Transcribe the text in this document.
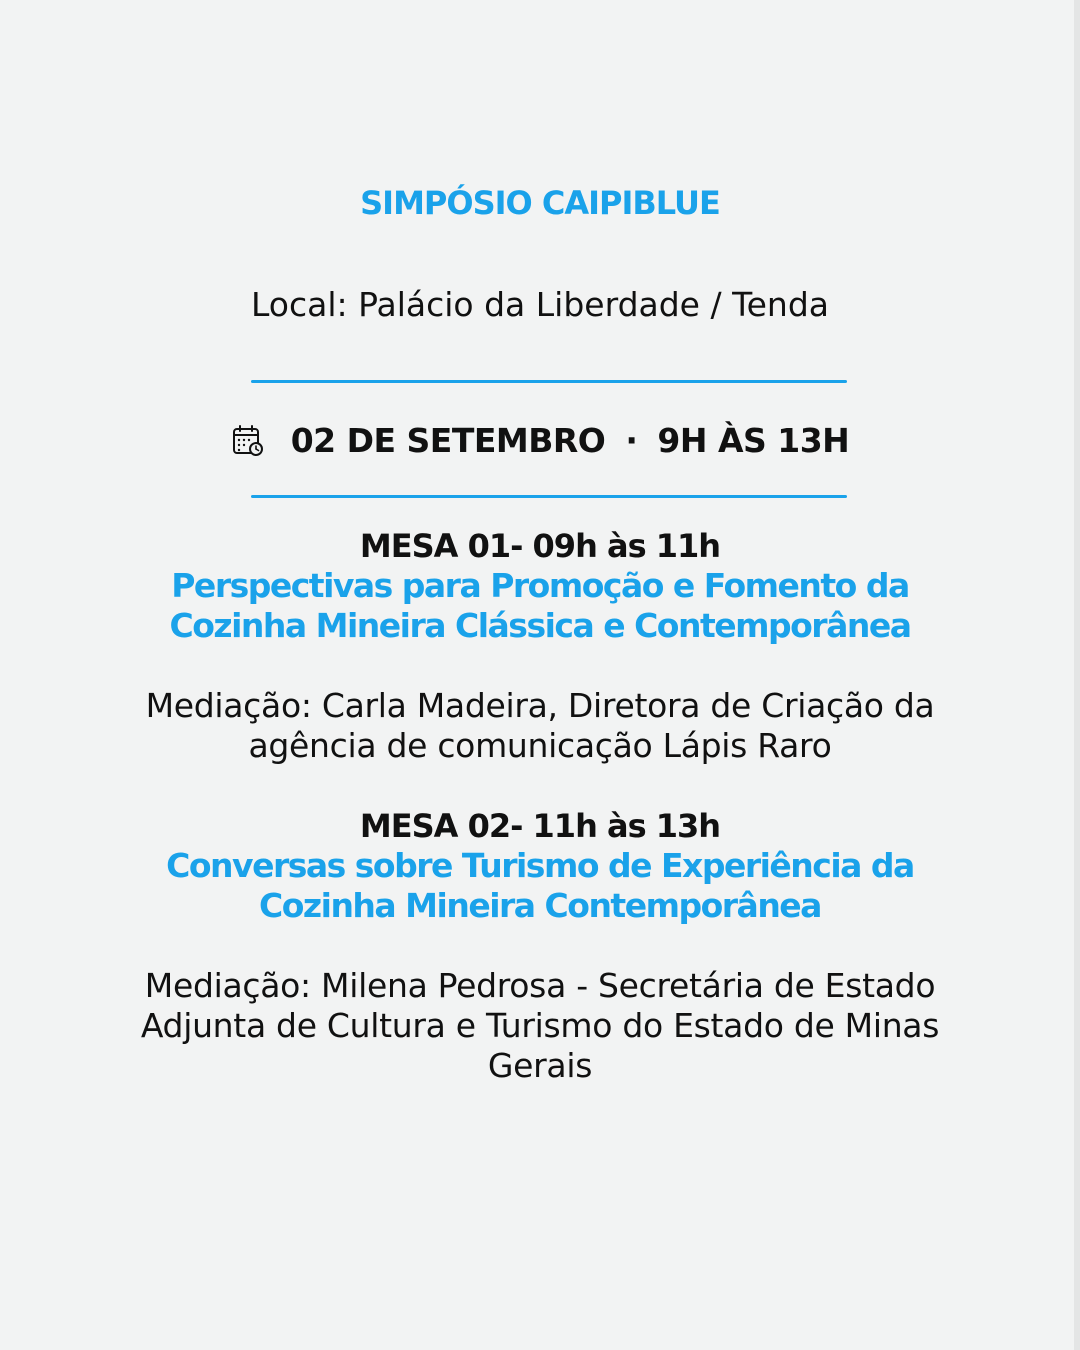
SIMPÓSIO CAIPIBLUE
Local: Palácio da Liberdade / Tenda
02 DE SETEMBRO · 9H ÀS 13H
MESA 01- 09h às 11h
Perspectivas para Promoção e Fomento da
Cozinha Mineira Clássica e Contemporânea
Mediação: Carla Madeira, Diretora de Criação da
agência de comunicação Lápis Raro
MESA 02- 11h às 13h
Conversas sobre Turismo de Experiência da
Cozinha Mineira Contemporânea
Mediação: Milena Pedrosa - Secretária de Estado
Adjunta de Cultura e Turismo do Estado de Minas
Gerais
